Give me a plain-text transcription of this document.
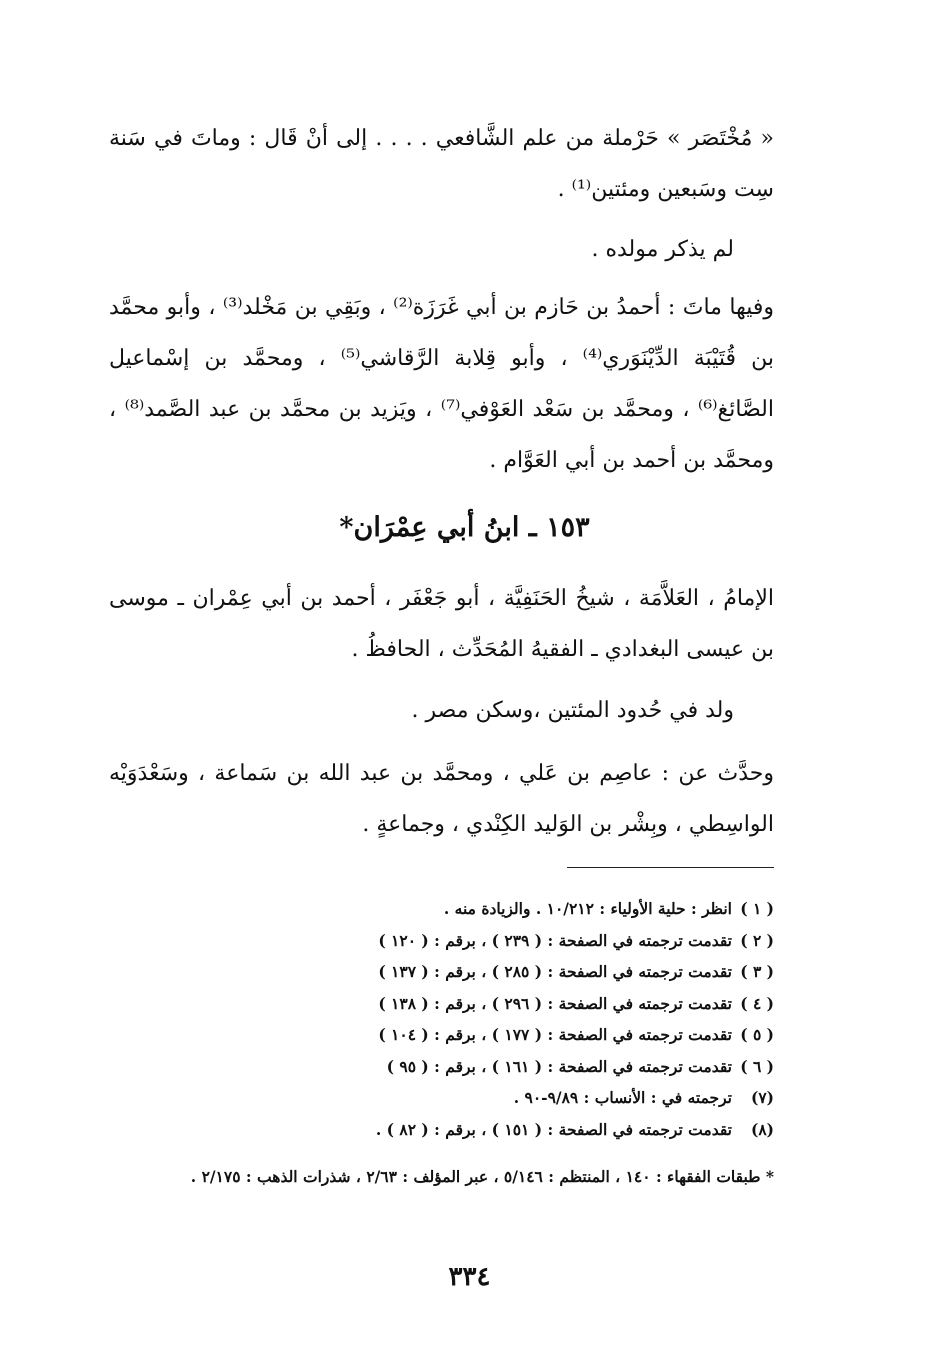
« مُخْتَصَر » حَرْملة من علم الشَّافعي . . . . إلى أنْ قَال : وماتَ في سَنة سِت وسَبعين ومئتين⁽¹⁾ .

لم يذكر مولده .

وفيها ماتَ : أحمدُ بن حَازم بن أبي غَرَزَة⁽²⁾ ، وبَقِي بن مَخْلد⁽³⁾ ، وأبو محمَّد بن قُتَيْبَة الدِّيْنَوَري⁽⁴⁾ ، وأبو قِلابة الرَّقاشي⁽⁵⁾ ، ومحمَّد بن إسْماعيل الصَّائغ⁽⁶⁾ ، ومحمَّد بن سَعْد العَوْفي⁽⁷⁾ ، ويَزيد بن محمَّد بن عبد الصَّمد⁽⁸⁾ ، ومحمَّد بن أحمد بن أبي العَوَّام .

١٥٣ ـ ابنُ أبي عِمْرَان*

الإمامُ ، العَلاَّمَة ، شيخُ الحَنَفِيَّة ، أبو جَعْفَر ، أحمد بن أبي عِمْران ـ موسى بن عيسى البغدادي ـ الفقيهُ المُحَدِّث ، الحافظُ .

ولد في حُدود المئتين ،وسكن مصر .

وحدَّث عن : عاصِم بن عَلي ، ومحمَّد بن عبد الله بن سَماعة ، وسَعْدَوَيْه الواسِطي ، وبِشْر بن الوَليد الكِنْدي ، وجماعةٍ .

( ١ )انظر : حلية الأولياء : ١٠/٢١٢ . والزيادة منه .
( ٢ )تقدمت ترجمته في الصفحة : ( ٢٣٩ ) ، برقم : ( ١٢٠ )
( ٣ )تقدمت ترجمته في الصفحة : ( ٢٨٥ ) ، برقم : ( ١٣٧ )
( ٤ )تقدمت ترجمته في الصفحة : ( ٢٩٦ ) ، برقم : ( ١٣٨ )
( ٥ )تقدمت ترجمته في الصفحة : ( ١٧٧ ) ، برقم : ( ١٠٤ )
( ٦ )تقدمت ترجمته في الصفحة : ( ١٦١ ) ، برقم : ( ٩٥ )
(٧)ترجمته في : الأنساب : ٩/٨٩-٩٠ .
(٨)تقدمت ترجمته في الصفحة : ( ١٥١ ) ، برقم : ( ٨٢ ) .
* طبقات الفقهاء : ١٤٠ ، المنتظم : ٥/١٤٦ ، عبر المؤلف : ٢/٦٣ ، شذرات الذهب : ٢/١٧٥ .
٣٣٤
